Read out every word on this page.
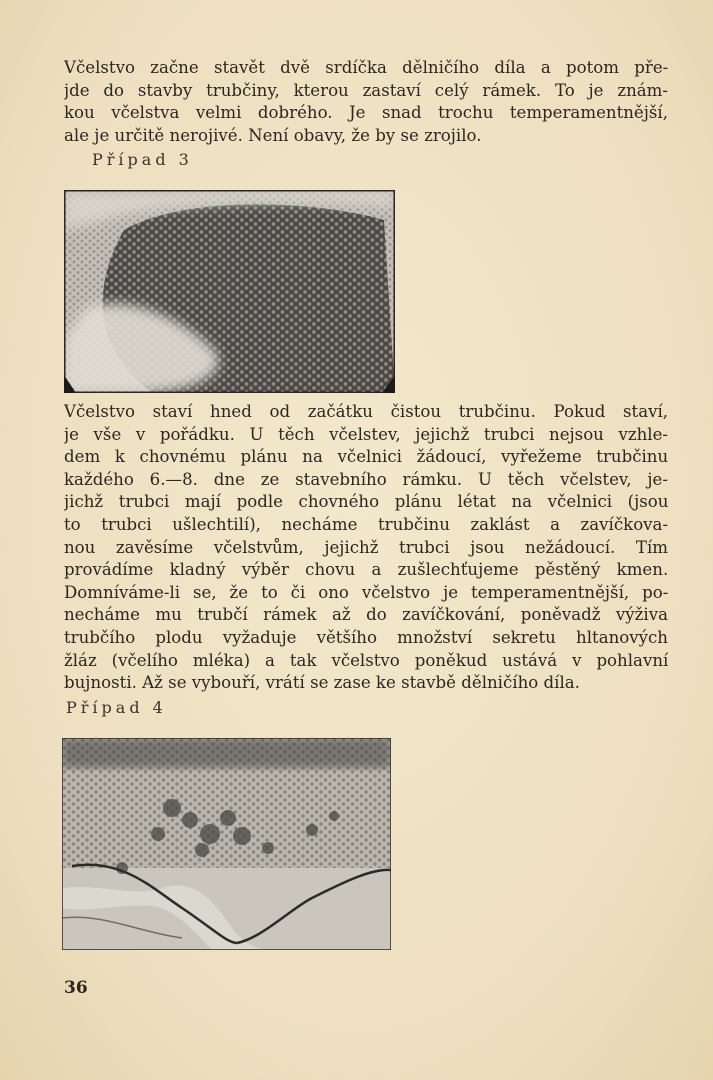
Včelstvo začne stavět dvě srdíčka dělničího díla a potom pře-
jde do stavby trubčiny, kterou zastaví celý rámek. To je znám-
kou včelstva velmi dobrého. Je snad trochu temperamentnější,
ale je určitě nerojivé. Není obavy, že by se zrojilo.
Případ 3
Včelstvo staví hned od začátku čistou trubčinu. Pokud staví,
je vše v pořádku. U těch včelstev, jejichž trubci nejsou vzhle-
dem k chovnému plánu na včelnici žádoucí, vyřežeme trubčinu
každého 6.—8. dne ze stavebního rámku. U těch včelstev, je-
jichž trubci mají podle chovného plánu létat na včelnici (jsou
to trubci ušlechtilí), necháme trubčinu zaklást a zavíčkova-
nou zavěsíme včelstvům, jejichž trubci jsou nežádoucí. Tím
provádíme kladný výběr chovu a zušlechťujeme pěstěný kmen.
Domníváme-li se, že to či ono včelstvo je temperamentnější, po-
necháme mu trubčí rámek až do zavíčkování, poněvadž výživa
trubčího plodu vyžaduje většího množství sekretu hltanových
žláz (včelího mléka) a tak včelstvo poněkud ustává v pohlavní
bujnosti. Až se vybouří, vrátí se zase ke stavbě dělničího díla.
Případ 4
36
